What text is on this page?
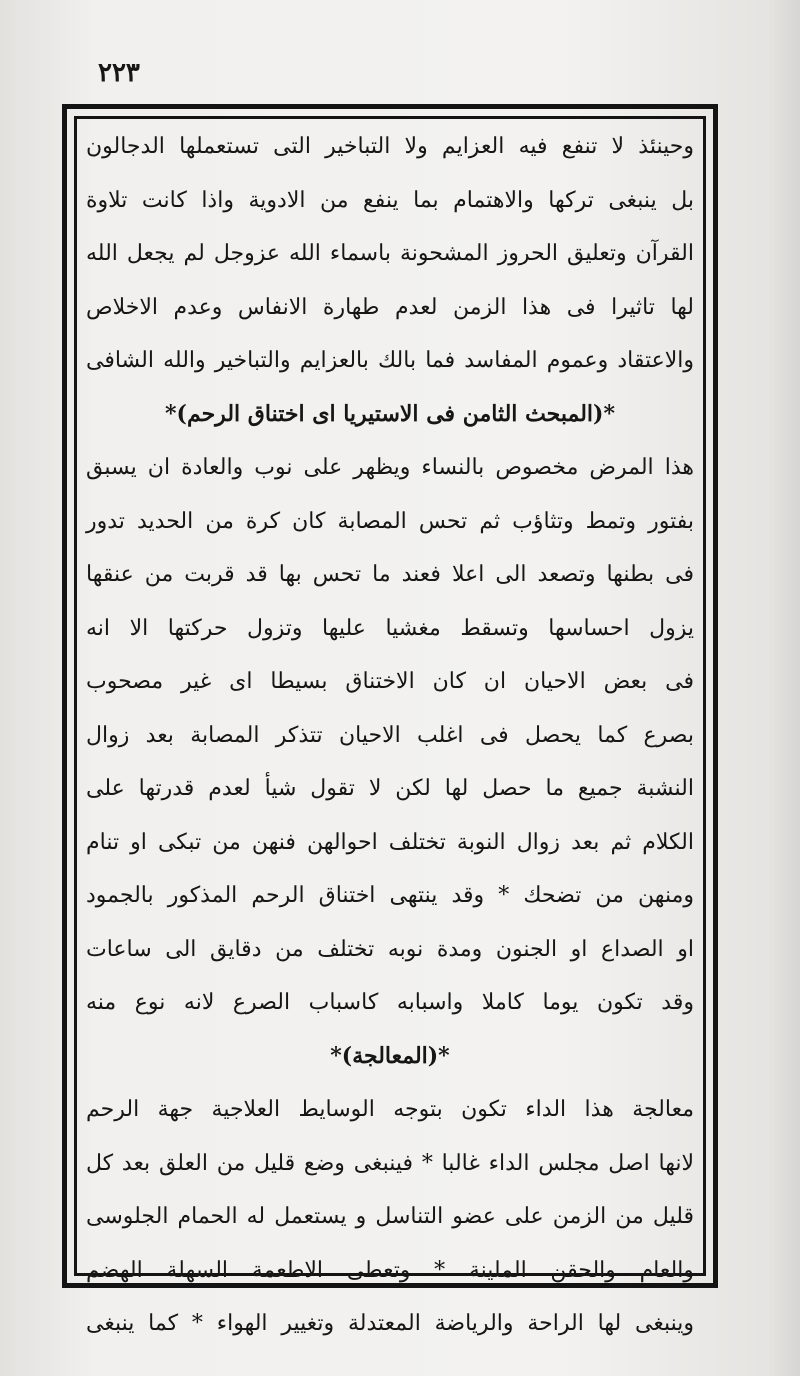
٢٢٣
وحينئذ لا تنفع فيه العزايم ولا التباخير التى تستعملها الدجالون
بل ينبغى تركها والاهتمام بما ينفع من الادوية واذا كانت تلاوة
القرآن وتعليق الحروز المشحونة باسماء الله عزوجل لم يجعل الله
لها تاثيرا فى هذا الزمن لعدم طهارة الانفاس وعدم الاخلاص
والاعتقاد وعموم المفاسد فما بالك بالعزايم والتباخير والله الشافى
*(المبحث الثامن فى الاستيريا اى اختناق الرحم)*
هذا المرض مخصوص بالنساء ويظهر على نوب والعادة ان يسبق
بفتور وتمط وتثاؤب ثم تحس المصابة كان كرة من الحديد تدور
فى بطنها وتصعد الى اعلا فعند ما تحس بها قد قربت من عنقها
يزول احساسها وتسقط مغشيا عليها وتزول حركتها الا انه
فى بعض الاحيان ان كان الاختناق بسيطا اى غير مصحوب
بصرع كما يحصل فى اغلب الاحيان تتذكر المصابة بعد زوال
النشبة جميع ما حصل لها لكن لا تقول شيأ لعدم قدرتها على
الكلام ثم بعد زوال النوبة تختلف احوالهن فنهن من تبكى او تنام
ومنهن من تضحك * وقد ينتهى اختناق الرحم المذكور بالجمود
او الصداع او الجنون ومدة نوبه تختلف من دقايق الى ساعات
وقد تكون يوما كاملا واسبابه كاسباب الصرع لانه نوع منه
*(المعالجة)*
معالجة هذا الداء تكون بتوجه الوسايط العلاجية جهة الرحم
لانها اصل مجلس الداء غالبا * فينبغى وضع قليل من العلق بعد كل
قليل من الزمن على عضو التناسل و يستعمل له الحمام الجلوسى
والعام والحقن الملينة * وتعطى الاطعمة السهلة الهضم
وينبغى لها الراحة والرياضة المعتدلة وتغيير الهواء * كما ينبغى
